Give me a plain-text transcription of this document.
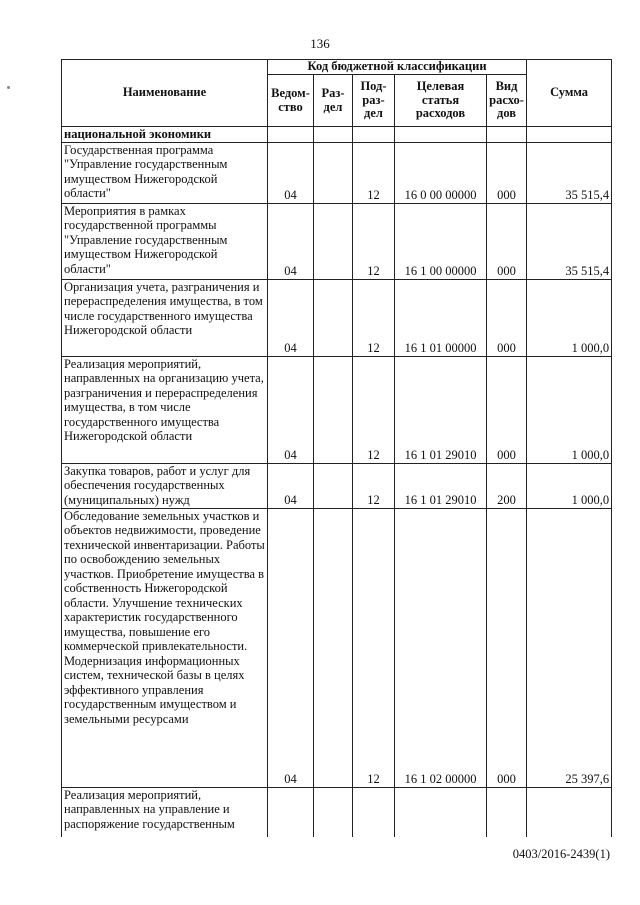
136
Наименование	Код бюджетной классификации					Сумма
	Ведом-ство	Раз-дел	Под-раз-дел	Целевая статья расходов	Вид расхо-дов	
национальной экономики						
Государственная программа "Управление государственным имуществом Нижегородской области"	04		12	16 0 00 00000	000	35 515,4
Мероприятия в рамках государственной программы "Управление государственным имуществом Нижегородской области"	04		12	16 1 00 00000	000	35 515,4
Организация учета, разграничения и перераспределения имущества, в том числе государственного имущества Нижегородской области	04		12	16 1 01 00000	000	1 000,0
Реализация мероприятий, направленных на организацию учета, разграничения и перераспределения имущества, в том числе государственного имущества Нижегородской области	04		12	16 1 01 29010	000	1 000,0
Закупка товаров, работ и услуг для обеспечения государственных (муниципальных) нужд	04		12	16 1 01 29010	200	1 000,0
Обследование земельных участков и объектов недвижимости, проведение технической инвентаризации. Работы по освобождению земельных участков. Приобретение имущества в собственность Нижегородской области. Улучшение технических характеристик государственного имущества, повышение его коммерческой привлекательности. Модернизация информационных систем, технической базы в целях эффективного управления государственным имуществом и земельными ресурсами	04		12	16 1 02 00000	000	25 397,6
Реализация мероприятий, направленных на управление и распоряжение государственным						
0403/2016-2439(1)
